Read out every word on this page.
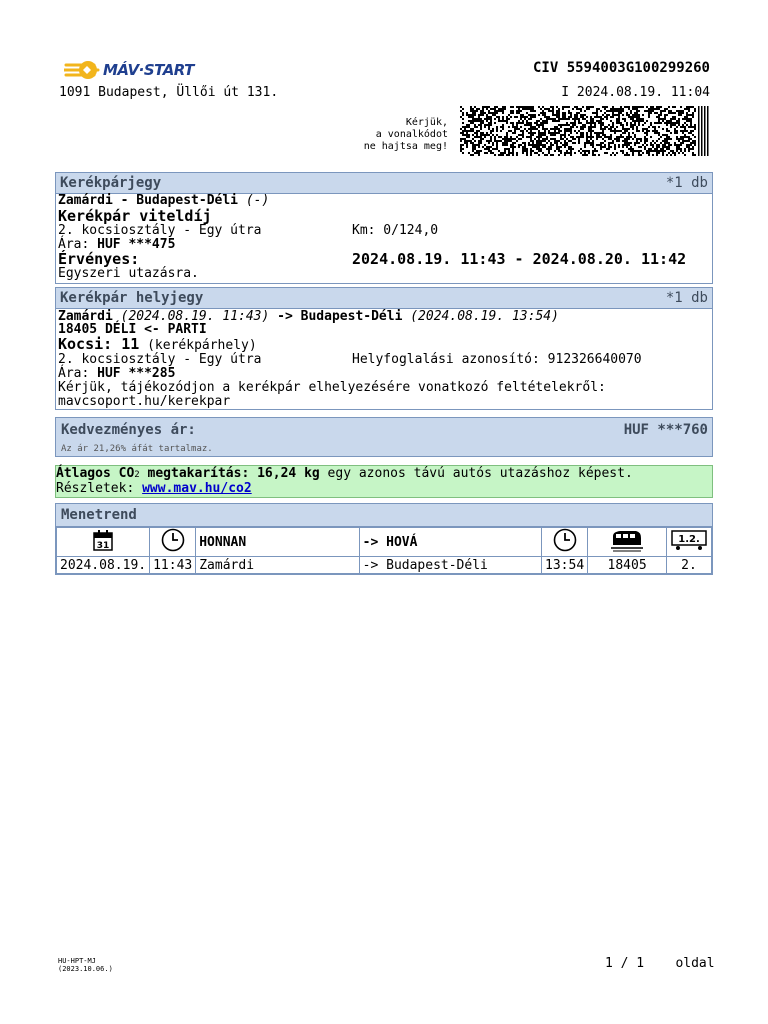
MÁV·START
1091 Budapest, Üllői út 131.
CIV 5594003G100299260
I 2024.08.19. 11:04
Kérjük,
a vonalkódot
ne hajtsa meg!
Kerékpárjegy	*1 db
Zamárdi - Budapest-Déli (-)
Kerékpár viteldíj
2. kocsiosztály - Egy útra	Km: 0/124,0
Ára: HUF ***475
Érvényes:	2024.08.19. 11:43 - 2024.08.20. 11:42
Egyszeri utazásra.
Kerékpár helyjegy	*1 db
Zamárdi (2024.08.19. 11:43) -> Budapest-Déli (2024.08.19. 13:54)
18405 DÉLI <- PARTI
Kocsi: 11 (kerékpárhely)
2. kocsiosztály - Egy útra	Helyfoglalási azonosító: 912326640070
Ára: HUF ***285
Kérjük, tájékozódjon a kerékpár elhelyezésére vonatkozó feltételekről:
mavcsoport.hu/kerekpar
Kedvezményes ár:	HUF ***760
Az ár 21,26% áfát tartalmaz.
Átlagos CO2 megtakarítás: 16,24 kg egy azonos távú autós utazáshoz képest.
Részletek: www.mav.hu/co2
Menetrend
31		HONNAN	-> HOVÁ			1.2.

2024.08.19.	11:43	Zamárdi	-> Budapest-Déli	13:54	18405	2.
HU-HPT-MJ
(2023.10.06.)	1 / 1 oldal
